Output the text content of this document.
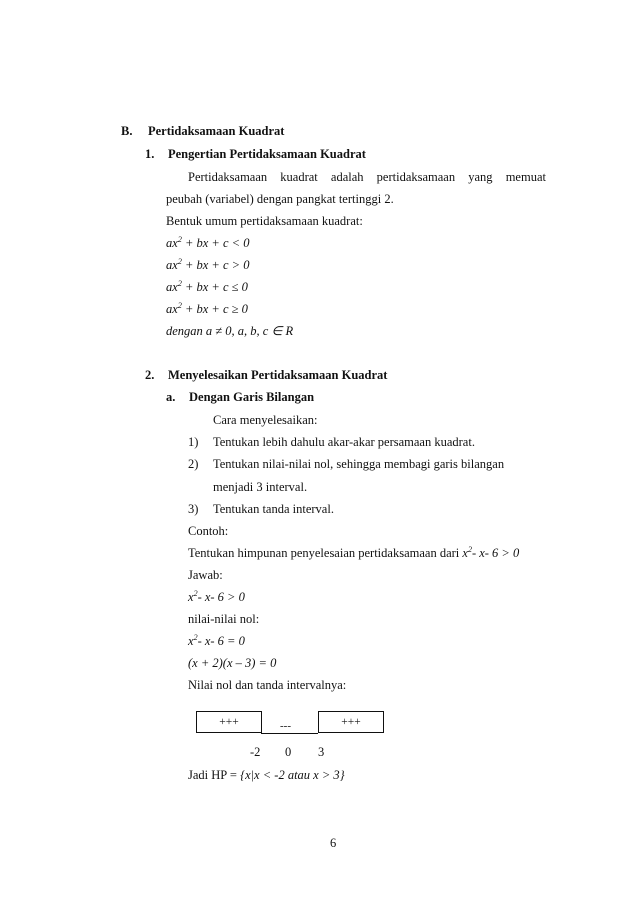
B. Pertidaksamaan Kuadrat
1. Pengertian Pertidaksamaan Kuadrat
Pertidaksamaan kuadrat adalah pertidaksamaan yang memuat
peubah (variabel) dengan pangkat tertinggi 2.
Bentuk umum pertidaksamaan kuadrat:
$ax^2$ + bx + c < 0
$ax^2$ + bx + c > 0
$ax^2$ + bx + c ≤ 0
$ax^2$ + bx + c ≥ 0
dengan a ≠ 0, a, b, c ∈ R
2. Menyelesaikan Pertidaksamaan Kuadrat
a. Dengan Garis Bilangan
Cara menyelesaikan:
1) Tentukan lebih dahulu akar-akar persamaan kuadrat.
2) Tentukan nilai-nilai nol, sehingga membagi garis bilangan
menjadi 3 interval.
3) Tentukan tanda interval.
Contoh:
Tentukan himpunan penyelesaian pertidaksamaan dari $x^2-$ x- 6 > 0
Jawab:
$x^2-$ x- 6 > 0
nilai-nilai nol:
$x^2-$ x- 6 = 0
(x + 2)(x – 3) = 0
Nilai nol dan tanda intervalnya:
+++	---	+++
-2 0 3
Jadi HP = {x|x < -2 atau x > 3}
6
